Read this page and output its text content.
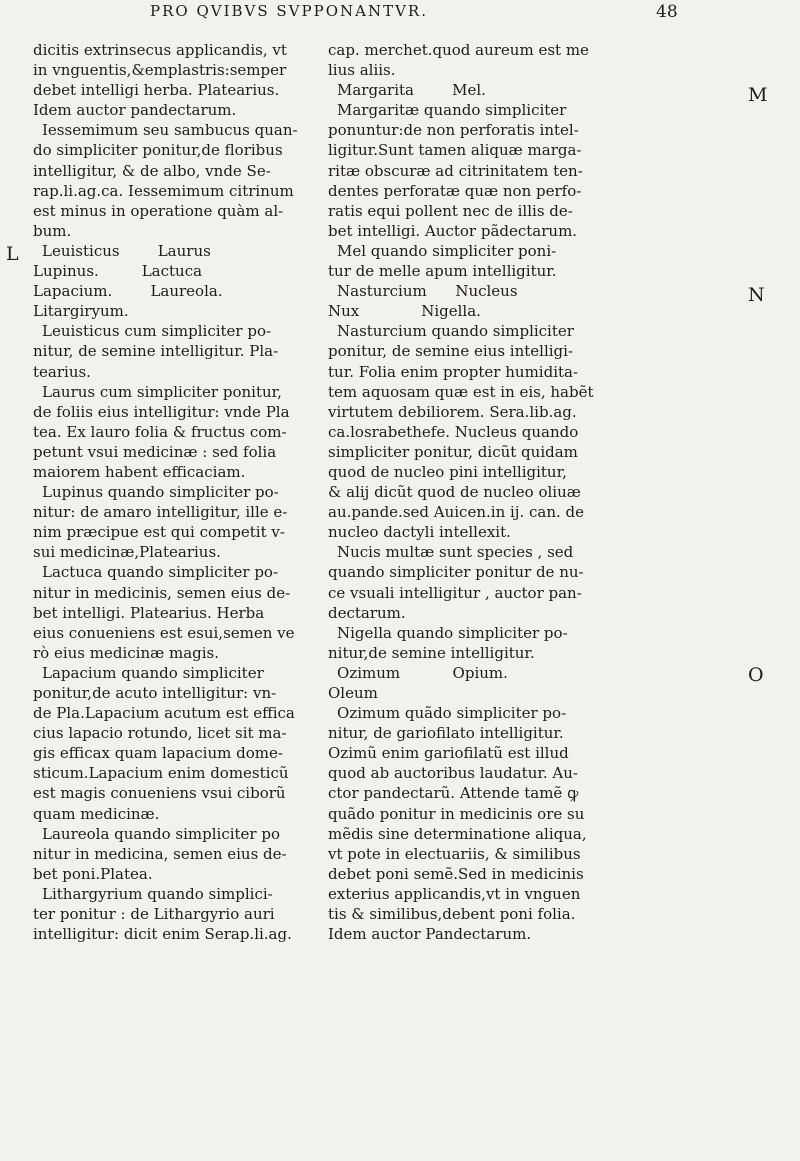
PRO QVIBVS SVPPONANTVR.	48
L
M
N
O
dicitis extrinsecus applicandis, vt
in vnguentis,&emplastris:semper
debet intelligi herba. Platearius.
Idem auctor pandectarum.
Iessemimum seu sambucus quan-
do simpliciter ponitur,de floribus
intelligitur, & de albo, vnde Se-
rap.li.ag.ca. Iessemimum citrinum
est minus in operatione quàm al-
bum.
Leuisticus        Laurus
Lupinus.         Lactuca
Lapacium.        Laureola.
Litargiryum.
Leuisticus cum simpliciter po-
nitur, de semine intelligitur. Pla-
tearius.
Laurus cum simpliciter ponitur,
de foliis eius intelligitur: vnde Pla
tea. Ex lauro folia & fructus com-
petunt vsui medicinæ : sed folia
maiorem habent efficaciam.
Lupinus quando simpliciter po-
nitur: de amaro intelligitur, ille e-
nim præcipue est qui competit v-
sui medicinæ,Platearius.
Lactuca quando simpliciter po-
nitur in medicinis, semen eius de-
bet intelligi. Platearius. Herba
eius conueniens est esui,semen ve
rò eius medicinæ magis.
Lapacium quando simpliciter
ponitur,de acuto intelligitur: vn-
de Pla.Lapacium acutum est effica
cius lapacio rotundo, licet sit ma-
gis efficax quam lapacium dome-
sticum.Lapacium enim domesticũ
est magis conueniens vsui ciborũ
quam medicinæ.
Laureola quando simpliciter po
nitur in medicina, semen eius de-
bet poni.Platea.
Lithargyrium quando simplici-
ter ponitur : de Lithargyrio auri
intelligitur: dicit enim Serap.li.ag.
cap. merchet.quod aureum est me
lius aliis.
Margarita        Mel.
Margaritæ quando simpliciter
ponuntur:de non perforatis intel-
ligitur.Sunt tamen aliquæ marga-
ritæ obscuræ ad citrinitatem ten-
dentes perforatæ quæ non perfo-
ratis equi pollent nec de illis de-
bet intelligi. Auctor pãdectarum.
Mel quando simpliciter poni-
tur de melle apum intelligitur.
Nasturcium      Nucleus
Nux             Nigella.
Nasturcium quando simpliciter
ponitur, de semine eius intelligi-
tur. Folia enim propter humidita-
tem aquosam quæ est in eis, habẽt
virtutem debiliorem. Sera.lib.ag.
ca.losrabethefe. Nucleus quando
simpliciter ponitur, dicũt quidam
quod de nucleo pini intelligitur,
& alij dicũt quod de nucleo oliuæ
au.pande.sed Auicen.in ij. can. de
nucleo dactyli intellexit.
Nucis multæ sunt species , sed
quando simpliciter ponitur de nu-
ce vsuali intelligitur , auctor pan-
dectarum.
Nigella quando simpliciter po-
nitur,de semine intelligitur.
Ozimum           Opium.
Oleum
Ozimum quãdo simpliciter po-
nitur, de gariofilato intelligitur.
Ozimũ enim gariofilatũ est illud
quod ab auctoribus laudatur. Au-
ctor pandectarũ. Attende tamẽ ꝙ
quãdo ponitur in medicinis ore su
mẽdis sine determinatione aliqua,
vt pote in electuariis, & similibus
debet poni semẽ.Sed in medicinis
exterius applicandis,vt in vnguen
tis & similibus,debent poni folia.
Idem auctor Pandectarum.
